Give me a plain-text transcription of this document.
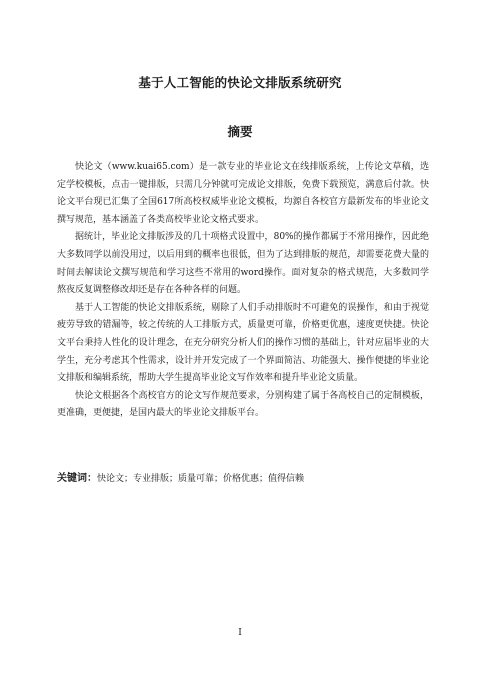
基于人工智能的快论文排版系统研究
摘要

快论文（www.kuai65.com）是一款专业的毕业论文在线排版系统，上传论文草稿，选定学校模板，点击一键排版，只需几分钟就可完成论文排版，免费下载预览，满意后付款。快论文平台现已汇集了全国617所高校权威毕业论文模板，均源自各校官方最新发布的毕业论文撰写规范，基本涵盖了各类高校毕业论文格式要求。

据统计，毕业论文排版涉及的几十项格式设置中，80%的操作都属于不常用操作，因此绝大多数同学以前没用过，以后用到的概率也很低，但为了达到排版的规范，却需要花费大量的时间去解读论文撰写规范和学习这些不常用的word操作。面对复杂的格式规范，大多数同学熬夜反复调整修改却还是存在各种各样的问题。

基于人工智能的快论文排版系统，剔除了人们手动排版时不可避免的误操作，和由于视觉疲劳导致的错漏等，较之传统的人工排版方式，质量更可靠，价格更优惠，速度更快捷。快论文平台秉持人性化的设计理念，在充分研究分析人们的操作习惯的基础上，针对应届毕业的大学生，充分考虑其个性需求，设计并开发完成了一个界面简洁、功能强大、操作便捷的毕业论文排版和编辑系统，帮助大学生提高毕业论文写作效率和提升毕业论文质量。

快论文根据各个高校官方的论文写作规范要求，分别构建了属于各高校自己的定制模板，更准确，更便捷，是国内最大的毕业论文排版平台。

关键词：快论文；专业排版；质量可靠；价格优惠；值得信赖
I
